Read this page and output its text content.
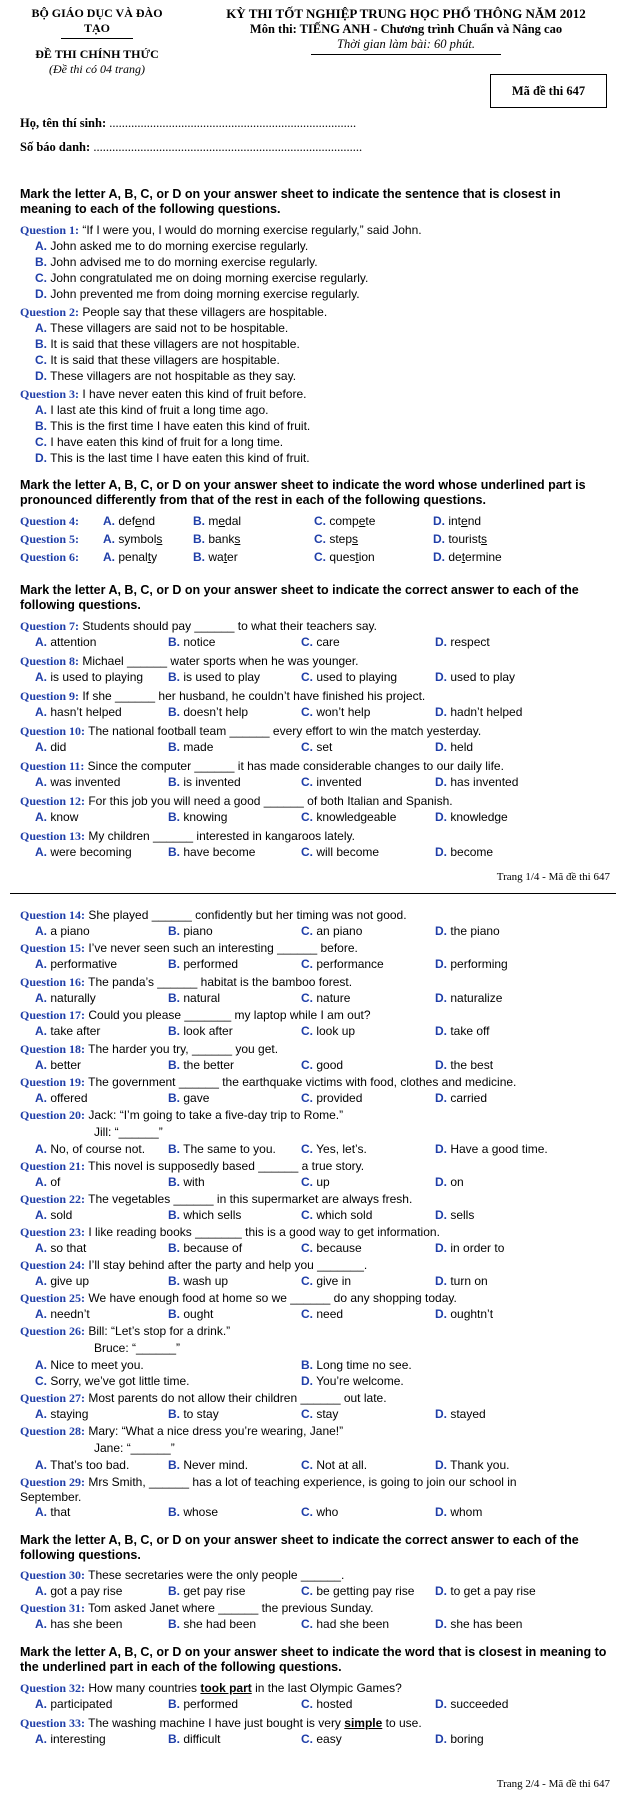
BỘ GIÁO DỤC VÀ ĐÀO TẠO
ĐỀ THI CHÍNH THỨC
(Đề thi có 04 trang)
KỲ THI TỐT NGHIỆP TRUNG HỌC PHỔ THÔNG NĂM 2012
Môn thi: TIẾNG ANH - Chương trình Chuẩn và Nâng cao
Thời gian làm bài: 60 phút.
Mã đề thi 647
Họ, tên thí sinh: ...............................................................................
Số báo danh: ......................................................................................
Mark the letter A, B, C, or D on your answer sheet to indicate the sentence that is closest in meaning to each of the following questions.
Question 1: “If I were you, I would do morning exercise regularly,” said John.
A. John asked me to do morning exercise regularly.
B. John advised me to do morning exercise regularly.
C. John congratulated me on doing morning exercise regularly.
D. John prevented me from doing morning exercise regularly.
Question 2: People say that these villagers are hospitable.
A. These villagers are said not to be hospitable.
B. It is said that these villagers are not hospitable.
C. It is said that these villagers are hospitable.
D. These villagers are not hospitable as they say.
Question 3: I have never eaten this kind of fruit before.
A. I last ate this kind of fruit a long time ago.
B. This is the first time I have eaten this kind of fruit.
C. I have eaten this kind of fruit for a long time.
D. This is the last time I have eaten this kind of fruit.
Mark the letter A, B, C, or D on your answer sheet to indicate the word whose underlined part is pronounced differently from that of the rest in each of the following questions.
Question 4: A. defend	B. medal	C. compete	D. intend
Question 5: A. symbols	B. banks	C. steps	D. tourists
Question 6: A. penalty	B. water	C. question	D. determine
Mark the letter A, B, C, or D on your answer sheet to indicate the correct answer to each of the following questions.
Question 7: Students should pay ______ to what their teachers say.
A. attention	B. notice	C. care	D. respect
Question 8: Michael ______ water sports when he was younger.
A. is used to playing B. is used to play	C. used to playing	D. used to play
Question 9: If she ______ her husband, he couldn’t have finished his project.
A. hasn’t helped	B. doesn’t help	C. won’t help	D. hadn’t helped
Question 10: The national football team ______ every effort to win the match yesterday.
A. did	B. made	C. set	D. held
Question 11: Since the computer ______ it has made considerable changes to our daily life.
A. was invented	B. is invented	C. invented	D. has invented
Question 12: For this job you will need a good ______ of both Italian and Spanish.
A. know	B. knowing	C. knowledgeable	D. knowledge
Question 13: My children ______ interested in kangaroos lately.
A. were becoming	B. have become	C. will become	D. become
Trang 1/4 - Mã đề thi 647
Question 14: She played ______ confidently but her timing was not good.
A. a piano	B. piano	C. an piano	D. the piano
Question 15: I’ve never seen such an interesting ______ before.
A. performative	B. performed	C. performance	D. performing
Question 16: The panda’s ______ habitat is the bamboo forest.
A. naturally	B. natural	C. nature	D. naturalize
Question 17: Could you please _______ my laptop while I am out?
A. take after	B. look after	C. look up	D. take off
Question 18: The harder you try, ______ you get.
A. better	B. the better	C. good	D. the best
Question 19: The government ______ the earthquake victims with food, clothes and medicine.
A. offered	B. gave	C. provided	D. carried
Question 20: Jack: “I’m going to take a five-day trip to Rome.”
Jill: “______”
A. No, of course not. B. The same to you. C. Yes, let’s.	D. Have a good time.
Question 21: This novel is supposedly based ______ a true story.
A. of	B. with	C. up	D. on
Question 22: The vegetables ______ in this supermarket are always fresh.
A. sold	B. which sells	C. which sold	D. sells
Question 23: I like reading books _______ this is a good way to get information.
A. so that	B. because of	C. because	D. in order to
Question 24: I’ll stay behind after the party and help you _______.
A. give up	B. wash up	C. give in	D. turn on
Question 25: We have enough food at home so we ______ do any shopping today.
A. needn’t	B. ought	C. need	D. oughtn’t
Question 26: Bill: “Let’s stop for a drink.”
Bruce: “______”
A. Nice to meet you.	B. Long time no see.
C. Sorry, we’ve got little time.	D. You’re welcome.
Question 27: Most parents do not allow their children ______ out late.
A. staying	B. to stay	C. stay	D. stayed
Question 28: Mary: “What a nice dress you’re wearing, Jane!”
Jane: “______”
A. That’s too bad.	B. Never mind.	C. Not at all.	D. Thank you.
Question 29: Mrs Smith, ______ has a lot of teaching experience, is going to join our school in
September.
A. that	B. whose	C. who	D. whom
Mark the letter A, B, C, or D on your answer sheet to indicate the correct answer to each of the following questions.
Question 30: These secretaries were the only people ______.
A. got a pay rise	B. get pay rise	C. be getting pay rise D. to get a pay rise
Question 31: Tom asked Janet where ______ the previous Sunday.
A. has she been	B. she had been	C. had she been	D. she has been
Mark the letter A, B, C, or D on your answer sheet to indicate the word that is closest in meaning to the underlined part in each of the following questions.
Question 32: How many countries took part in the last Olympic Games?
A. participated	B. performed	C. hosted	D. succeeded
Question 33: The washing machine I have just bought is very simple to use.
A. interesting	B. difficult	C. easy	D. boring
Trang 2/4 - Mã đề thi 647
